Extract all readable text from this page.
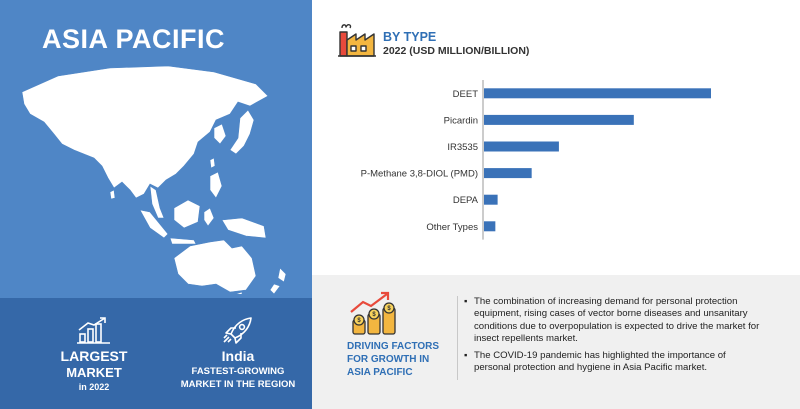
ASIA PACIFIC
LARGEST
MARKET
in 2022
India
FASTEST-GROWING
MARKET IN THE REGION
BY TYPE
2022 (USD MILLION/BILLION)
DEET
Picardin
IR3535
P-Methane 3,8-DIOL (PMD)
DEPA
Other Types
$
$
$
DRIVING FACTORS
FOR GROWTH IN
ASIA PACIFIC
▪ The combination of increasing demand for personal protection equipment, rising cases of vector borne diseases and unsanitary conditions due to overpopulation is expected to drive the market for insect repellents market.
▪ The COVID-19 pandemic has highlighted the importance of personal protection and hygiene in Asia Pacific market.
